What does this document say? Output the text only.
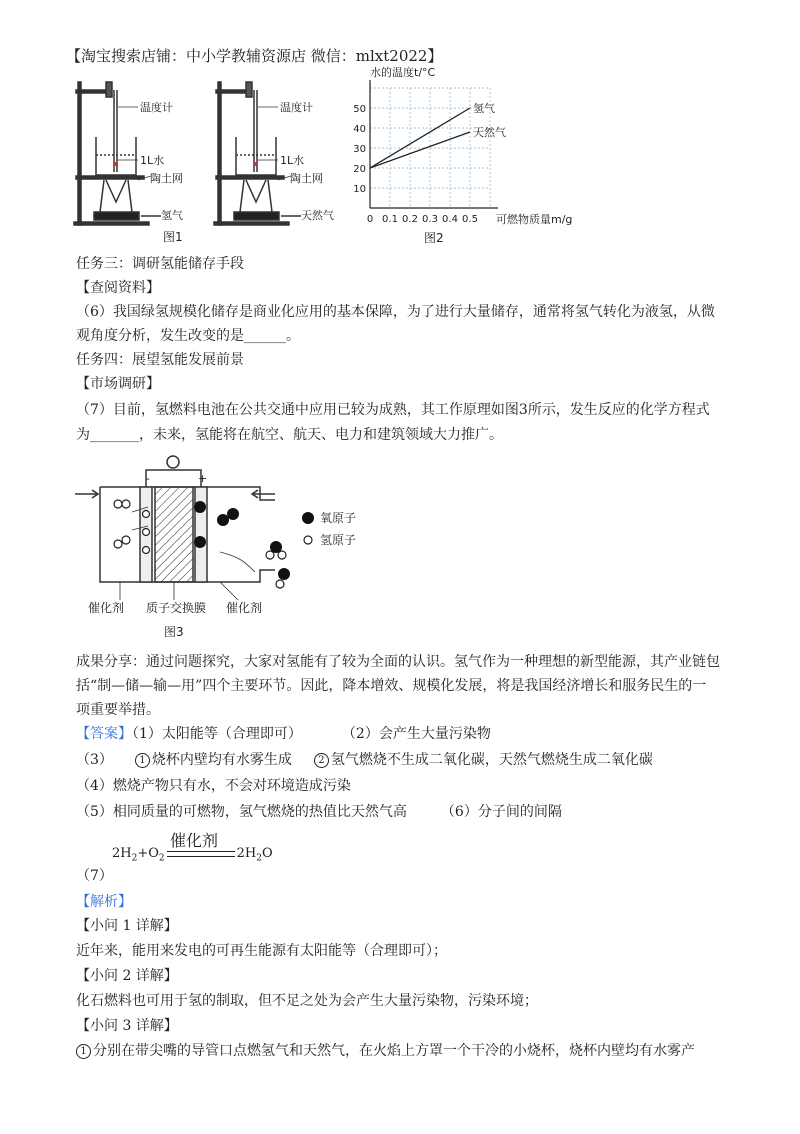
【淘宝搜索店铺：中小学教辅资源店 微信：mlxt2022】
温度计
1L水
陶土网
氢气
温度计
1L水
陶土网
天然气
图1
水的温度t/°C
可燃物质量m/g
图2
50
40
30
20
10
0 0.1 0.2 0.3 0.4 0.5
氢气
天然气
任务三：调研氢能储存手段
【查阅资料】
（6）我国绿氢规模化储存是商业化应用的基本保障，为了进行大量储存，通常将氢气转化为液氢，从微
观角度分析，发生改变的是______。
任务四：展望氢能发展前景
【市场调研】
（7）目前，氢燃料电池在公共交通中应用已较为成熟，其工作原理如图3所示，发生反应的化学方程式
为_______，未来，氢能将在航空、航天、电力和建筑领域大力推广。
-	+
氧原子
氢原子
催化剂 质子交换膜 催化剂
图3
成果分享：通过问题探究，大家对氢能有了较为全面的认识。氢气作为一种理想的新型能源，其产业链包
括“制—储—输—用”四个主要环节。因此，降本增效、规模化发展，将是我国经济增长和服务民生的一
项重要举措。
【答案】（1）太阳能等（合理即可）	（2）会产生大量污染物
（3）	1 烧杯内壁均有水雾生成	2 氢气燃烧不生成二氧化碳，天然气燃烧生成二氧化碳
（4）燃烧产物只有水，不会对环境造成污染
（5）相同质量的可燃物，氢气燃烧的热值比天然气高 （6）分子间的间隔
催化剂
$2H_2+O_2$	$2H_2O$
（7）
【解析】
【小问 1 详解】
近年来，能用来发电的可再生能源有太阳能等（合理即可）；
【小问 2 详解】
化石燃料也可用于氢的制取，但不足之处为会产生大量污染物，污染环境；
【小问 3 详解】
1 分别在带尖嘴的导管口点燃氢气和天然气，在火焰上方罩一个干冷的小烧杯，烧杯内壁均有水雾产
